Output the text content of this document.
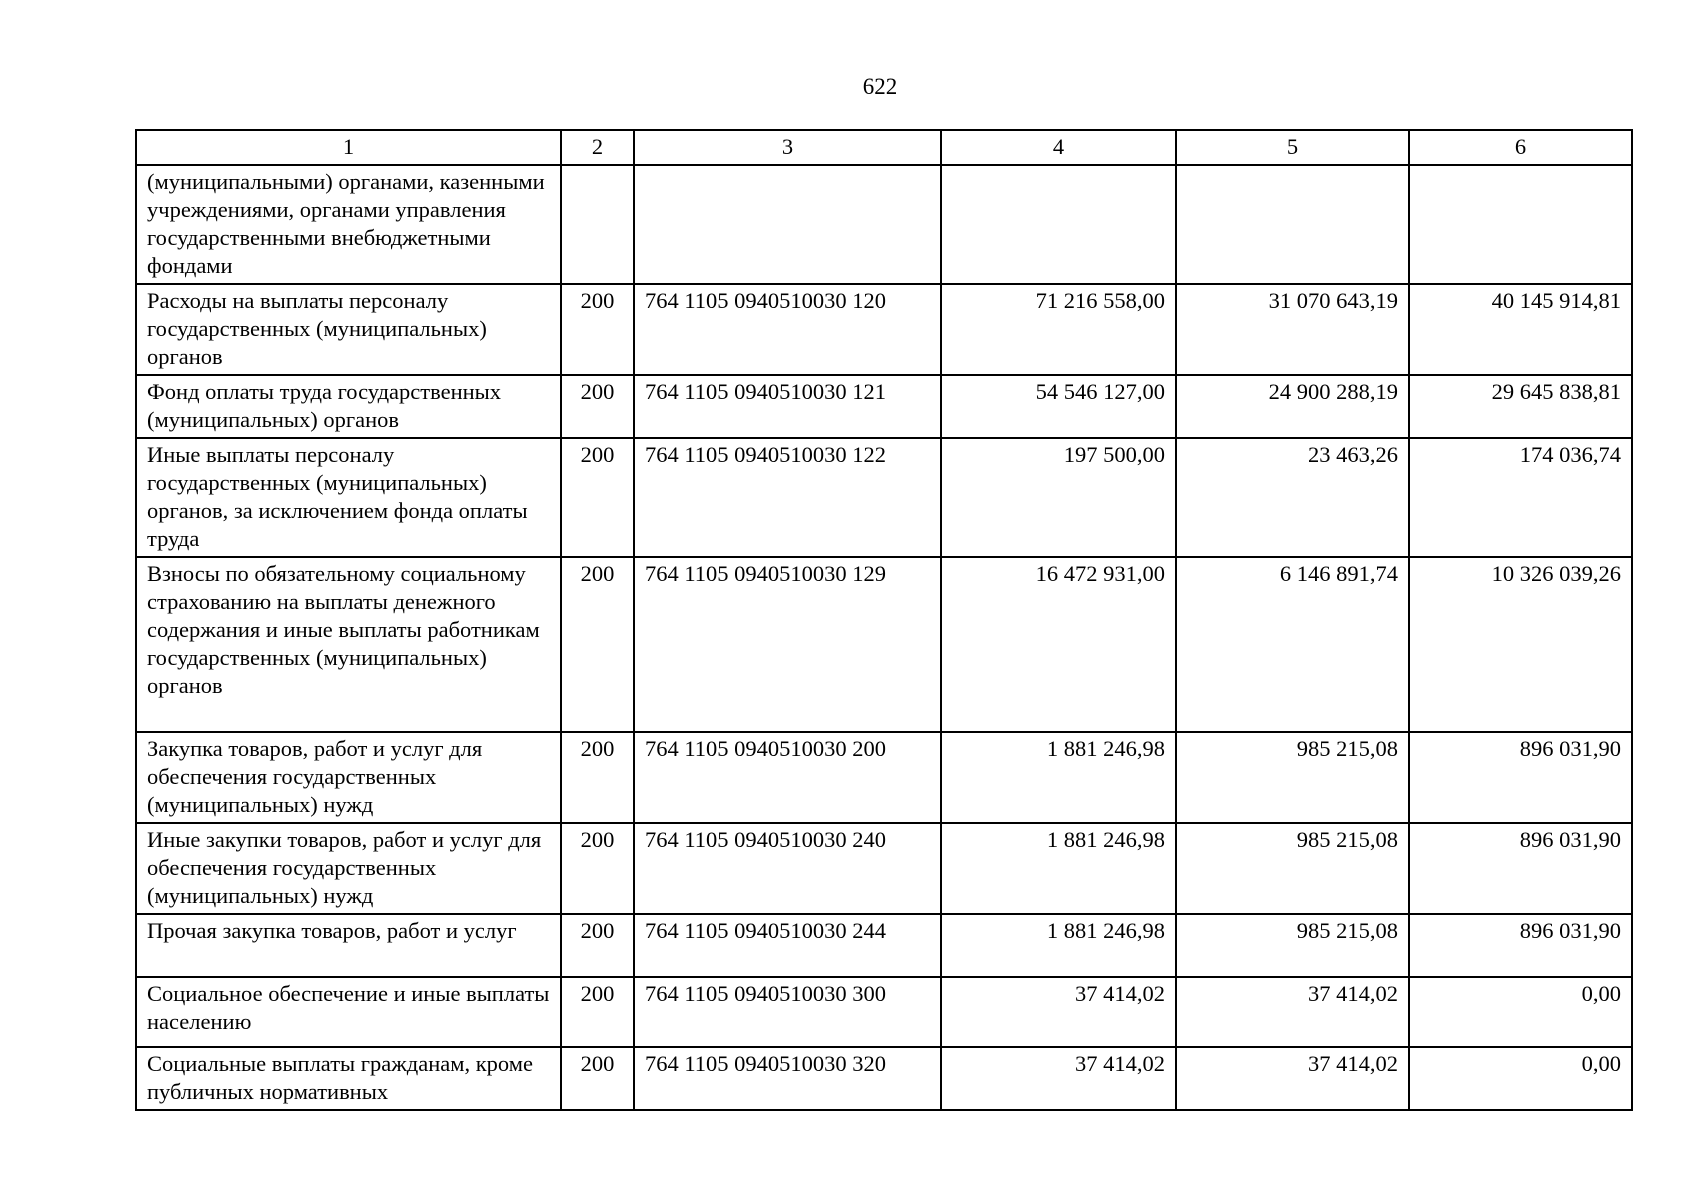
622
1	2	3	4	5	6
(муниципальными) органами, казенными учреждениями, органами управления государственными внебюджетными фондами					
Расходы на выплаты персоналу государственных (муниципальных) органов	200	764 1105 0940510030 120	71 216 558,00	31 070 643,19	40 145 914,81
Фонд оплаты труда государственных (муниципальных) органов	200	764 1105 0940510030 121	54 546 127,00	24 900 288,19	29 645 838,81
Иные выплаты персоналу государственных (муниципальных) органов, за исключением фонда оплаты труда	200	764 1105 0940510030 122	197 500,00	23 463,26	174 036,74
Взносы по обязательному социальному страхованию на выплаты денежного содержания и иные выплаты работникам государственных (муниципальных) органов	200	764 1105 0940510030 129	16 472 931,00	6 146 891,74	10 326 039,26
Закупка товаров, работ и услуг для обеспечения государственных (муниципальных) нужд	200	764 1105 0940510030 200	1 881 246,98	985 215,08	896 031,90
Иные закупки товаров, работ и услуг для обеспечения государственных (муниципальных) нужд	200	764 1105 0940510030 240	1 881 246,98	985 215,08	896 031,90
Прочая закупка товаров, работ и услуг	200	764 1105 0940510030 244	1 881 246,98	985 215,08	896 031,90
Социальное обеспечение и иные выплаты населению	200	764 1105 0940510030 300	37 414,02	37 414,02	0,00
Социальные выплаты гражданам, кроме публичных нормативных	200	764 1105 0940510030 320	37 414,02	37 414,02	0,00
